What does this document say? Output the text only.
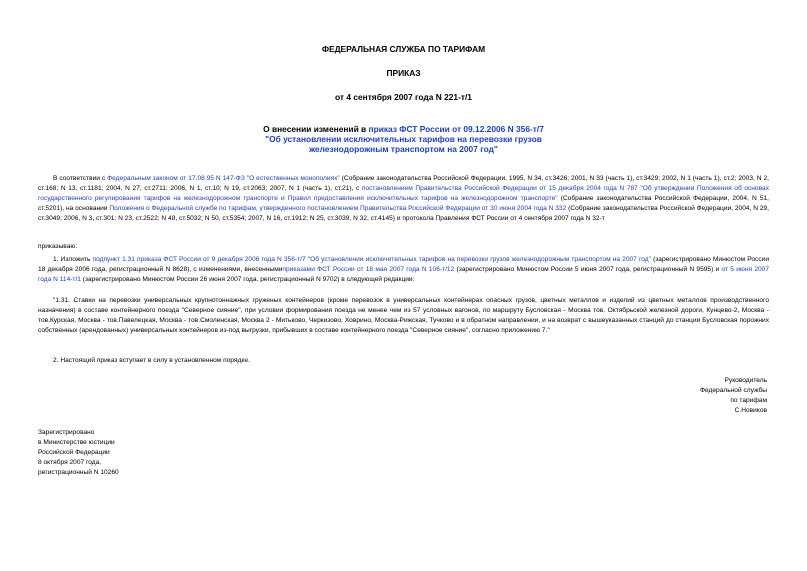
ФЕДЕРАЛЬНАЯ СЛУЖБА ПО ТАРИФАМ
ПРИКАЗ
от 4 сентября 2007 года N 221-т/1
О внесении изменений в приказ ФСТ России от 09.12.2006 N 356-т/7
"Об установлении исключительных тарифов на перевозки грузов
железнодорожным транспортом на 2007 год"

В соответствии с Федеральным законом от 17.08.95 N 147-ФЗ "О естественных монополиях" (Собрание законодательства Российской Федерации, 1995, N 34, ст.3426; 2001, N 33 (часть 1), ст.3429; 2002, N 1 (часть 1), ст.2; 2003, N 2, ст.168; N 13, ст.1181; 2004, N 27, ст.2711; 2006, N 1, ст.10; N 19, ст.2063; 2007, N 1 (часть 1), ст.21), с постановлением Правительства Российской Федерации от 15 декабря 2004 года N 787 "Об утверждении Положения об основах государственного регулирования тарифов на железнодорожном транспорте и Правил предоставления исключительных тарифов на железнодорожном транспорте" (Собрание законодательства Российской Федерации, 2004, N 51, ст.5201), на основании Положения о Федеральной службе по тарифам, утвержденного постановлением Правительства Российской Федерации от 30 июня 2004 года N 332 (Собрание законодательства Российской Федерации, 2004, N 29, ст.3049; 2006, N 3, ст.301; N 23, ст.2522; N 48, ст.5032; N 50, ст.5354; 2007, N 16, ст.1912; N 25, ст.3039, N 32, ст.4145) и протокола Правления ФСТ России от 4 сентября 2007 года N 32-т

приказываю:

1. Изложить подпункт 1.31 приказа ФСТ России от 9 декабря 2006 года N 356-т/7 "Об установлении исключительных тарифов на перевозки грузов железнодорожным транспортом на 2007 год" (зарегистрировано Минюстом России 18 декабря 2006 года, регистрационный N 8628), с изменениями, внесеннымиприказами ФСТ России от 18 мая 2007 года N 106-т/12 (зарегистрировано Минюстом России 5 июня 2007 года, регистрационный N 9595) и от 5 июня 2007 года N 114-т/1 (зарегистрировано Минюстом России 26 июня 2007 года, регистрационный N 9702) в следующей редакции:

"1.31. Ставки на перевозки универсальных крупнотоннажных груженых контейнеров (кроме перевозок в универсальных контейнерах опасных грузов, цветных металлов и изделий из цветных металлов производственного назначения) в составе контейнерного поезда "Северное сияние", при условии формирования поезда не менее чем из 57 условных вагонов, по маршруту Бусловская - Москва тов. Октябрьской железной дороги, Кунцево-2, Москва - тов.Курская, Москва - тов.Павелецкая, Москва - тов.Смоленская, Москва 2 - Митьково, Черкизово, Ховрино, Москва-Рижская, Тучково и в обратном направлении, и на возврат с вышеуказанных станций до станции Бусловская порожних собственных (арендованных) универсальных контейнеров из-под выгрузки, прибывших в составе контейнерного поезда "Северное сияние", согласно приложению 7."

2. Настоящий приказ вступает в силу в установленном порядке.

Руководитель
Федеральной службы
по тарифам
С.Новиков
Зарегистрировано
в Министерстве юстиции
Российской Федерации
8 октября 2007 года,
регистрационный N 10260
